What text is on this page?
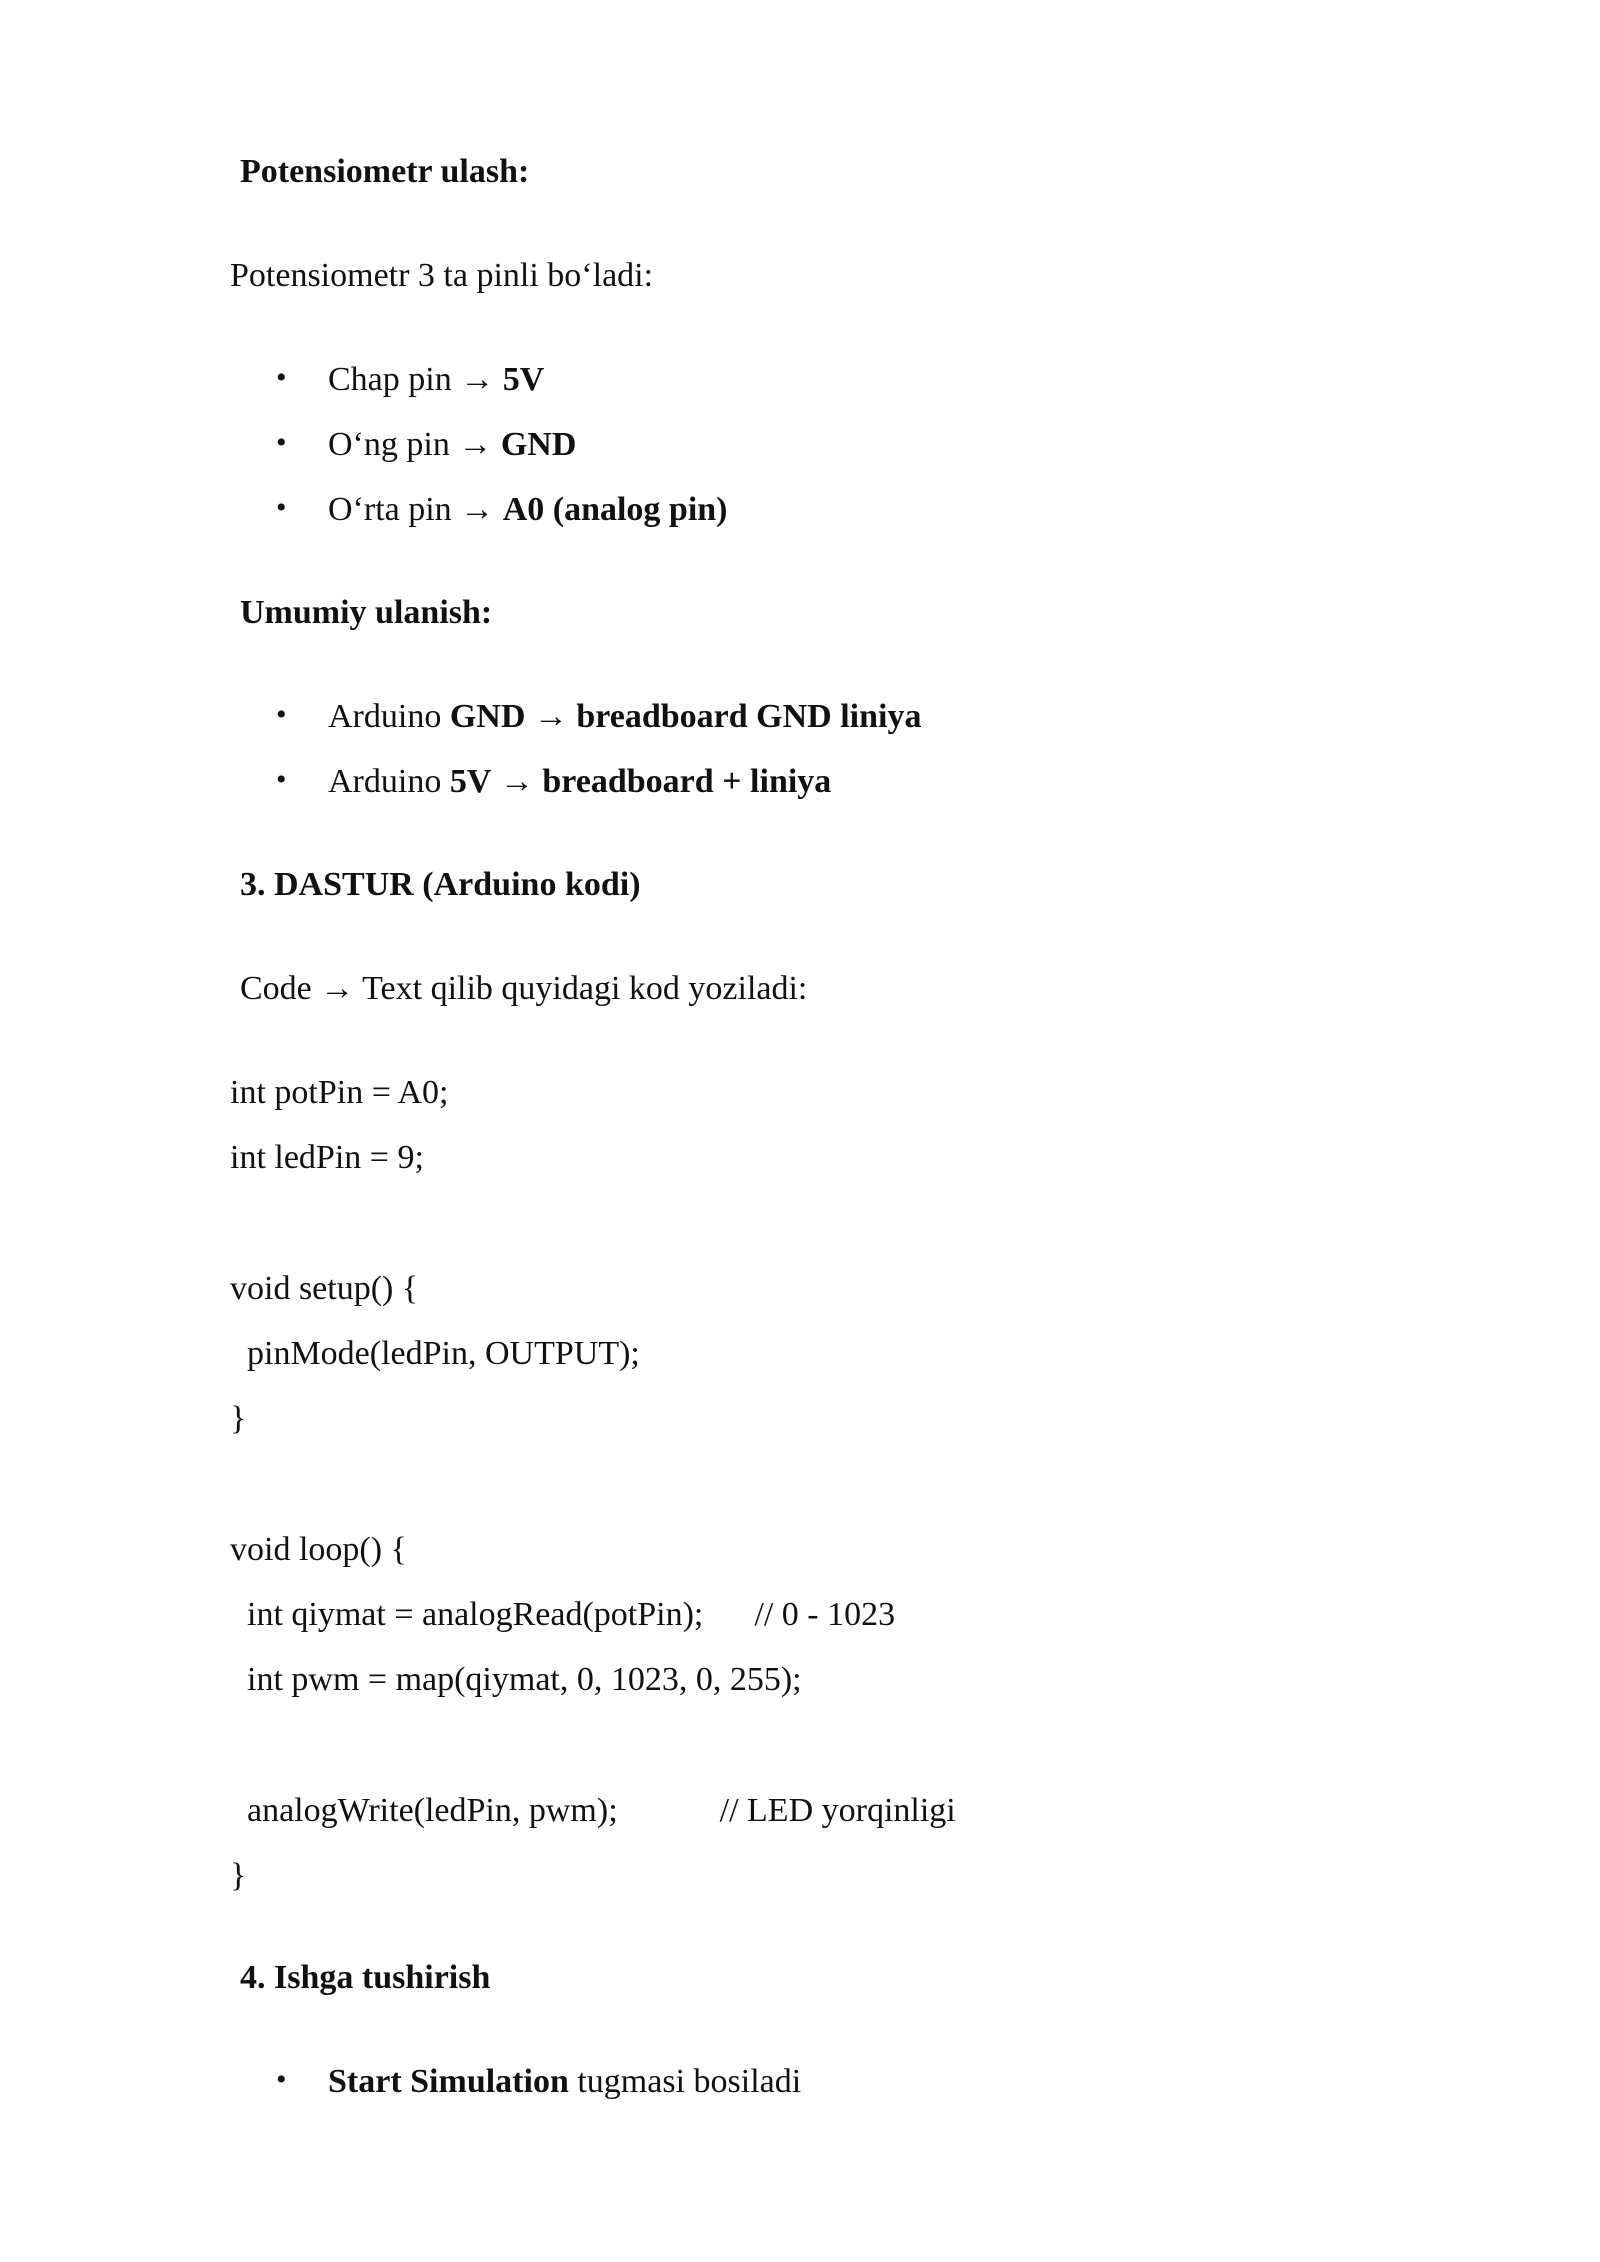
Potensiometr ulash:
Potensiometr 3 ta pinli bo‘ladi:
• Chap pin → 5V
• O‘ng pin → GND
• O‘rta pin → A0 (analog pin)
Umumiy ulanish:
• Arduino GND → breadboard GND liniya
• Arduino 5V → breadboard + liniya
3. DASTUR (Arduino kodi)
Code → Text qilib quyidagi kod yoziladi:
int potPin = A0;
int ledPin = 9;
void setup() {
pinMode(ledPin, OUTPUT);
}
void loop() {
int qiymat = analogRead(potPin);      // 0 - 1023
int pwm = map(qiymat, 0, 1023, 0, 255);
analogWrite(ledPin, pwm);            // LED yorqinligi
}
4. Ishga tushirish
• Start Simulation tugmasi bosiladi
